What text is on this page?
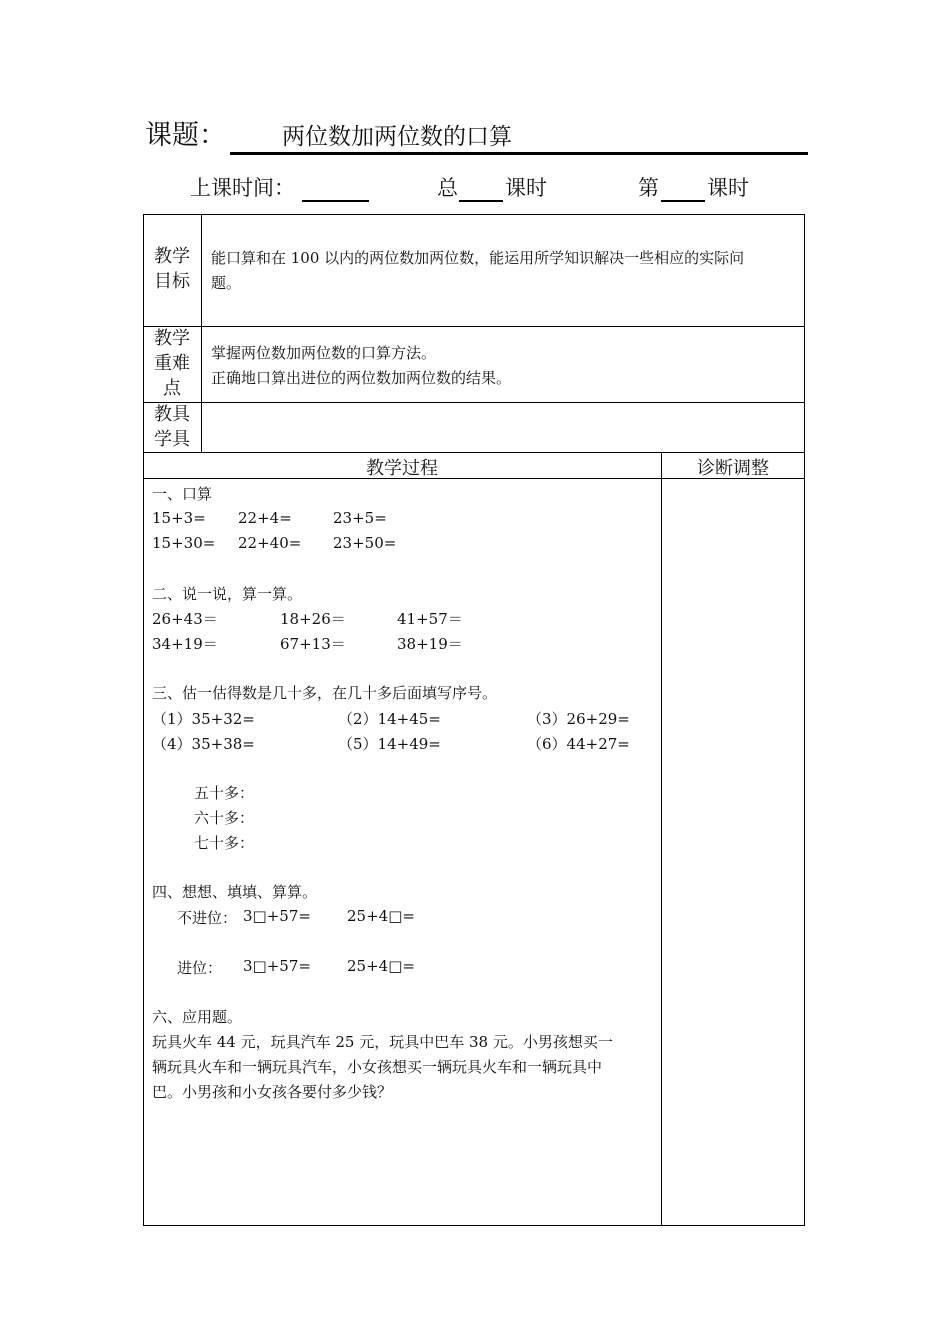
课题： 两位数加两位数的口算
上课时间：	总 课时	第 课时
教学
目标
能口算和在 100 以内的两位数加两位数，能运用所学知识解决一些相应的实际问
题。
教学
重难
点
掌握两位数加两位数的口算方法。
正确地口算出进位的两位数加两位数的结果。
教具
学具
教学过程	诊断调整
一、口算
15+3= 22+4=	23+5=
15+30= 22+40= 23+50=
二、说一说，算一算。
26+43＝	18+26＝	41+57＝
34+19＝	67+13＝	38+19＝
三、估一估得数是几十多，在几十多后面填写序号。
（1）35+32=	（2）14+45=	（3）26+29=
（4）35+38=	（5）14+49=	（6）44+27=
五十多：
六十多：
七十多：
四、想想、填填、算算。
不进位： 3□+57= 25+4□=
进位： 3□+57= 25+4□=
六、应用题。
玩具火车 44 元，玩具汽车 25 元，玩具中巴车 38 元。小男孩想买一
辆玩具火车和一辆玩具汽车，小女孩想买一辆玩具火车和一辆玩具中
巴。小男孩和小女孩各要付多少钱？
